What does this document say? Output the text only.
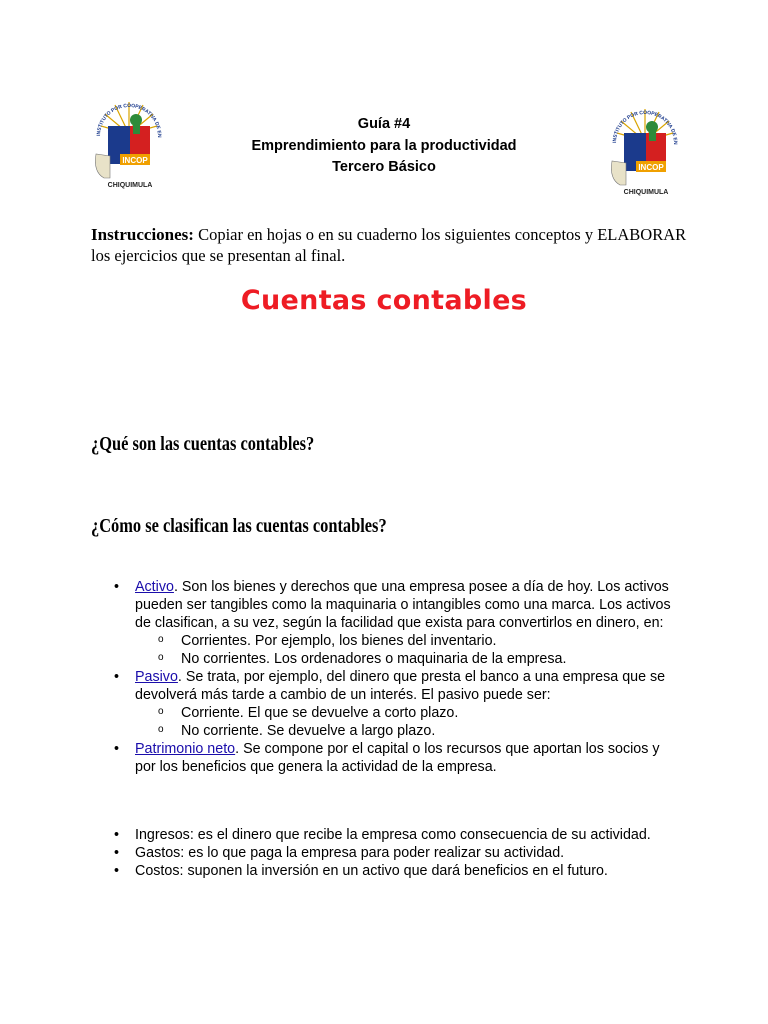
INSTITUTO POR COOPERATIVA DE EN
INCOP
CHIQUIMULA
INSTITUTO POR COOPERATIVA DE EN
INCOP
CHIQUIMULA
Guía #4
Emprendimiento para la productividad
Tercero Básico
Instrucciones: Copiar en hojas o en su cuaderno los siguientes conceptos y ELABORAR los ejercicios que se presentan al final.
Cuentas contables
¿Qué son las cuentas contables?
¿Cómo se clasifican las cuentas contables?
• Activo. Son los bienes y derechos que una empresa posee a día de hoy. Los activos pueden ser tangibles como la maquinaria o intangibles como una marca. Los activos de clasifican, a su vez, según la facilidad que exista para convertirlos en dinero, en:
o Corrientes. Por ejemplo, los bienes del inventario.
o No corrientes. Los ordenadores o maquinaria de la empresa.
• Pasivo. Se trata, por ejemplo, del dinero que presta el banco a una empresa que se devolverá más tarde a cambio de un interés. El pasivo puede ser:
o Corriente. El que se devuelve a corto plazo.
o No corriente. Se devuelve a largo plazo.
• Patrimonio neto. Se compone por el capital o los recursos que aportan los socios y por los beneficios que genera la actividad de la empresa.
• Ingresos: es el dinero que recibe la empresa como consecuencia de su actividad.
• Gastos: es lo que paga la empresa para poder realizar su actividad.
• Costos: suponen la inversión en un activo que dará beneficios en el futuro.
